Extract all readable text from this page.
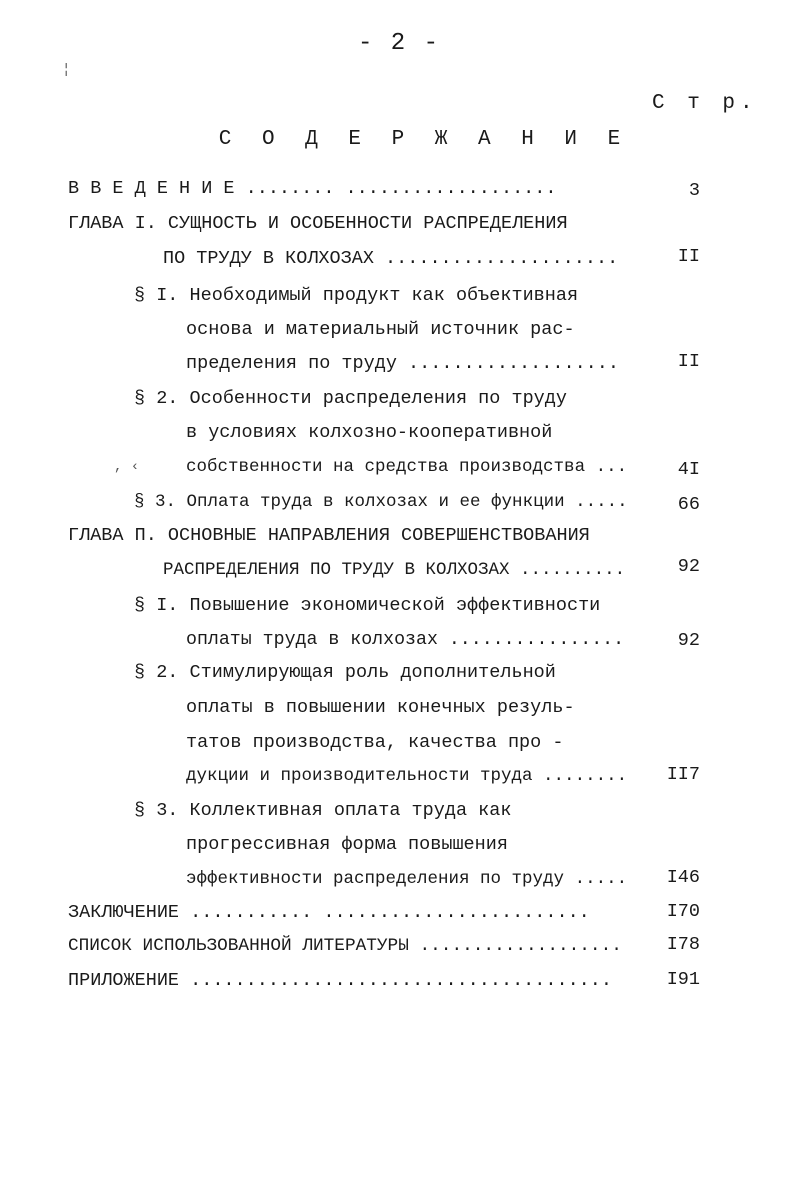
- 2 -
¦
С т р.
С О Д Е Р Ж А Н И Е
В В Е Д Е Н И Е ........ ...................	3
ГЛАВА I. СУЩНОСТЬ И ОСОБЕННОСТИ РАСПРЕДЕЛЕНИЯ
ПО ТРУДУ В КОЛХОЗАХ .....................	II
§ I. Необходимый продукт как объективная
основа и материальный источник рас-
пределения по труду ...................	II
§ 2. Особенности распределения по труду
в условиях колхозно-кооперативной
, ‹	собственности на средства производства ...	4I
§ 3. Оплата труда в колхозах и ее функции .....	66
ГЛАВА П. ОСНОВНЫЕ НАПРАВЛЕНИЯ СОВЕРШЕНСТВОВАНИЯ
РАСПРЕДЕЛЕНИЯ ПО ТРУДУ В КОЛХОЗАХ ..........	92
§ I. Повышение экономической эффективности
оплаты труда в колхозах ................	92
§ 2. Стимулирующая роль дополнительной
оплаты в повышении конечных резуль-
татов производства, качества про -
дукции и производительности труда ........	II7
§ 3. Коллективная оплата труда как
прогрессивная форма повышения
эффективности распределения по труду .....	I46
ЗАКЛЮЧЕНИЕ ........... ........................	I70
СПИСОК ИСПОЛЬЗОВАННОЙ ЛИТЕРАТУРЫ ...................	I78
ПРИЛОЖЕНИЕ ......................................	I91
